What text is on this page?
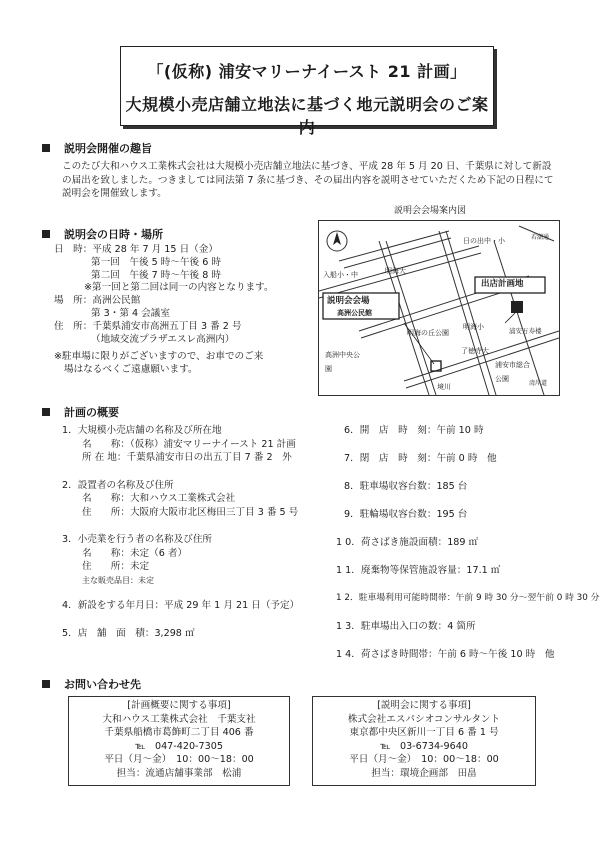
「(仮称) 浦安マリーナイースト 21 計画」
大規模小売店舗立地法に基づく地元説明会のご案内
説明会開催の趣旨
このたび大和ハウス工業株式会社は大規模小売店舗立地法に基づき、平成 28 年 5 月 20 日、千葉県に対して新設
の届出を致しました。つきましては同法第 7 条に基づき、その届出内容を説明させていただくため下記の日程にて
説明会を開催致します。
説明会の日時・場所
日　時：平成 28 年 7 月 15 日（金）
第一回　午後 5 時〜午後 6 時
第二回　午後 7 時〜午後 8 時
※第一回と第二回は同一の内容となります。
場　所：高洲公民館
第 3・第 4 会議室
住　所：千葉県浦安市高洲五丁目 3 番 2 号
（地域交流プラザエスレ高洲内）
※駐車場に限りがございますので、お車でのご来
場はなるべくご遠慮願います。
説明会会場案内図
日の出中・小	若潮通
入船小・中	明海大
説明会会場
高洲公民館
出店計画地
明海の丘公園
明海小	浦安万寿楼
了徳寺大
高洲中央公園	浦安市総合公園
境川	湾岸道
計画の概要
1．大規模小売店舗の名称及び所在地
名　　称：（仮称）浦安マリーナイースト 21 計画
所 在 地：千葉県浦安市日の出五丁目 7 番 2　外
2．設置者の名称及び住所
名　　称：大和ハウス工業株式会社
住　　所：大阪府大阪市北区梅田三丁目 3 番 5 号
3．小売業を行う者の名称及び住所
名　　称：未定（6 者）
住　　所：未定
主な販売品目：未定
4．新設をする年月日：平成 29 年 1 月 21 日（予定）
5．店　舗　面　積：3,298 ㎡
6．開　店　時　刻：午前 10 時
7．閉　店　時　刻：午前 0 時　他
8．駐車場収容台数：185 台
9．駐輪場収容台数：195 台
1 0．荷さばき施設面積：189 ㎡
1 1．廃棄物等保管施設容量：17.1 ㎥
1 2．駐車場利用可能時間帯：午前 9 時 30 分〜翌午前 0 時 30 分
1 3．駐車場出入口の数：4 箇所
1 4．荷さばき時間帯：午前 6 時〜午後 10 時　他
お問い合わせ先
[計画概要に関する事項]
大和ハウス工業株式会社　千葉支社
千葉県船橋市葛飾町二丁目 406 番
℡　047-420-7305
平日（月〜金）　10：00〜18：00
担当：流通店舗事業部　松浦
[説明会に関する事項]
株式会社エスパシオコンサルタント
東京都中央区新川一丁目 6 番 1 号
℡　03-6734-9640
平日（月〜金）　10：00〜18：00
担当：環境企画部　田畠
